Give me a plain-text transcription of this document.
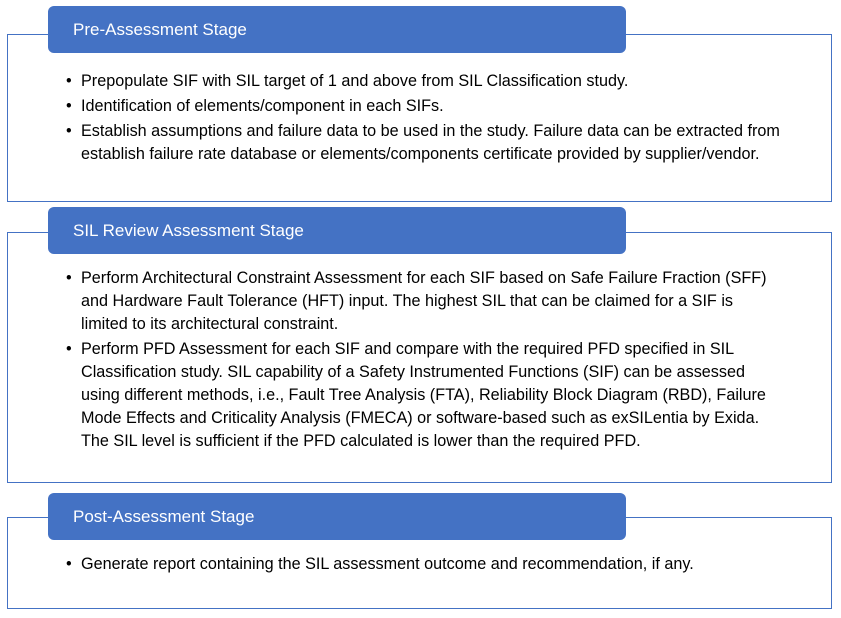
Pre-Assessment Stage
• Prepopulate SIF with SIL target of 1 and above from SIL Classification study.
• Identification of elements/component in each SIFs.
• Establish assumptions and failure data to be used in the study. Failure data can be extracted from establish failure rate database or elements/components certificate provided by supplier/vendor.
SIL Review Assessment Stage
• Perform Architectural Constraint Assessment for each SIF based on Safe Failure Fraction (SFF) and Hardware Fault Tolerance (HFT) input. The highest SIL that can be claimed for a SIF is limited to its architectural constraint.
• Perform PFD Assessment for each SIF and compare with the required PFD specified in SIL Classification study. SIL capability of a Safety Instrumented Functions (SIF) can be assessed using different methods, i.e., Fault Tree Analysis (FTA), Reliability Block Diagram (RBD), Failure Mode Effects and Criticality Analysis (FMECA) or software-based such as exSILentia by Exida. The SIL level is sufficient if the PFD calculated is lower than the required PFD.
Post-Assessment Stage
• Generate report containing the SIL assessment outcome and recommendation, if any.
